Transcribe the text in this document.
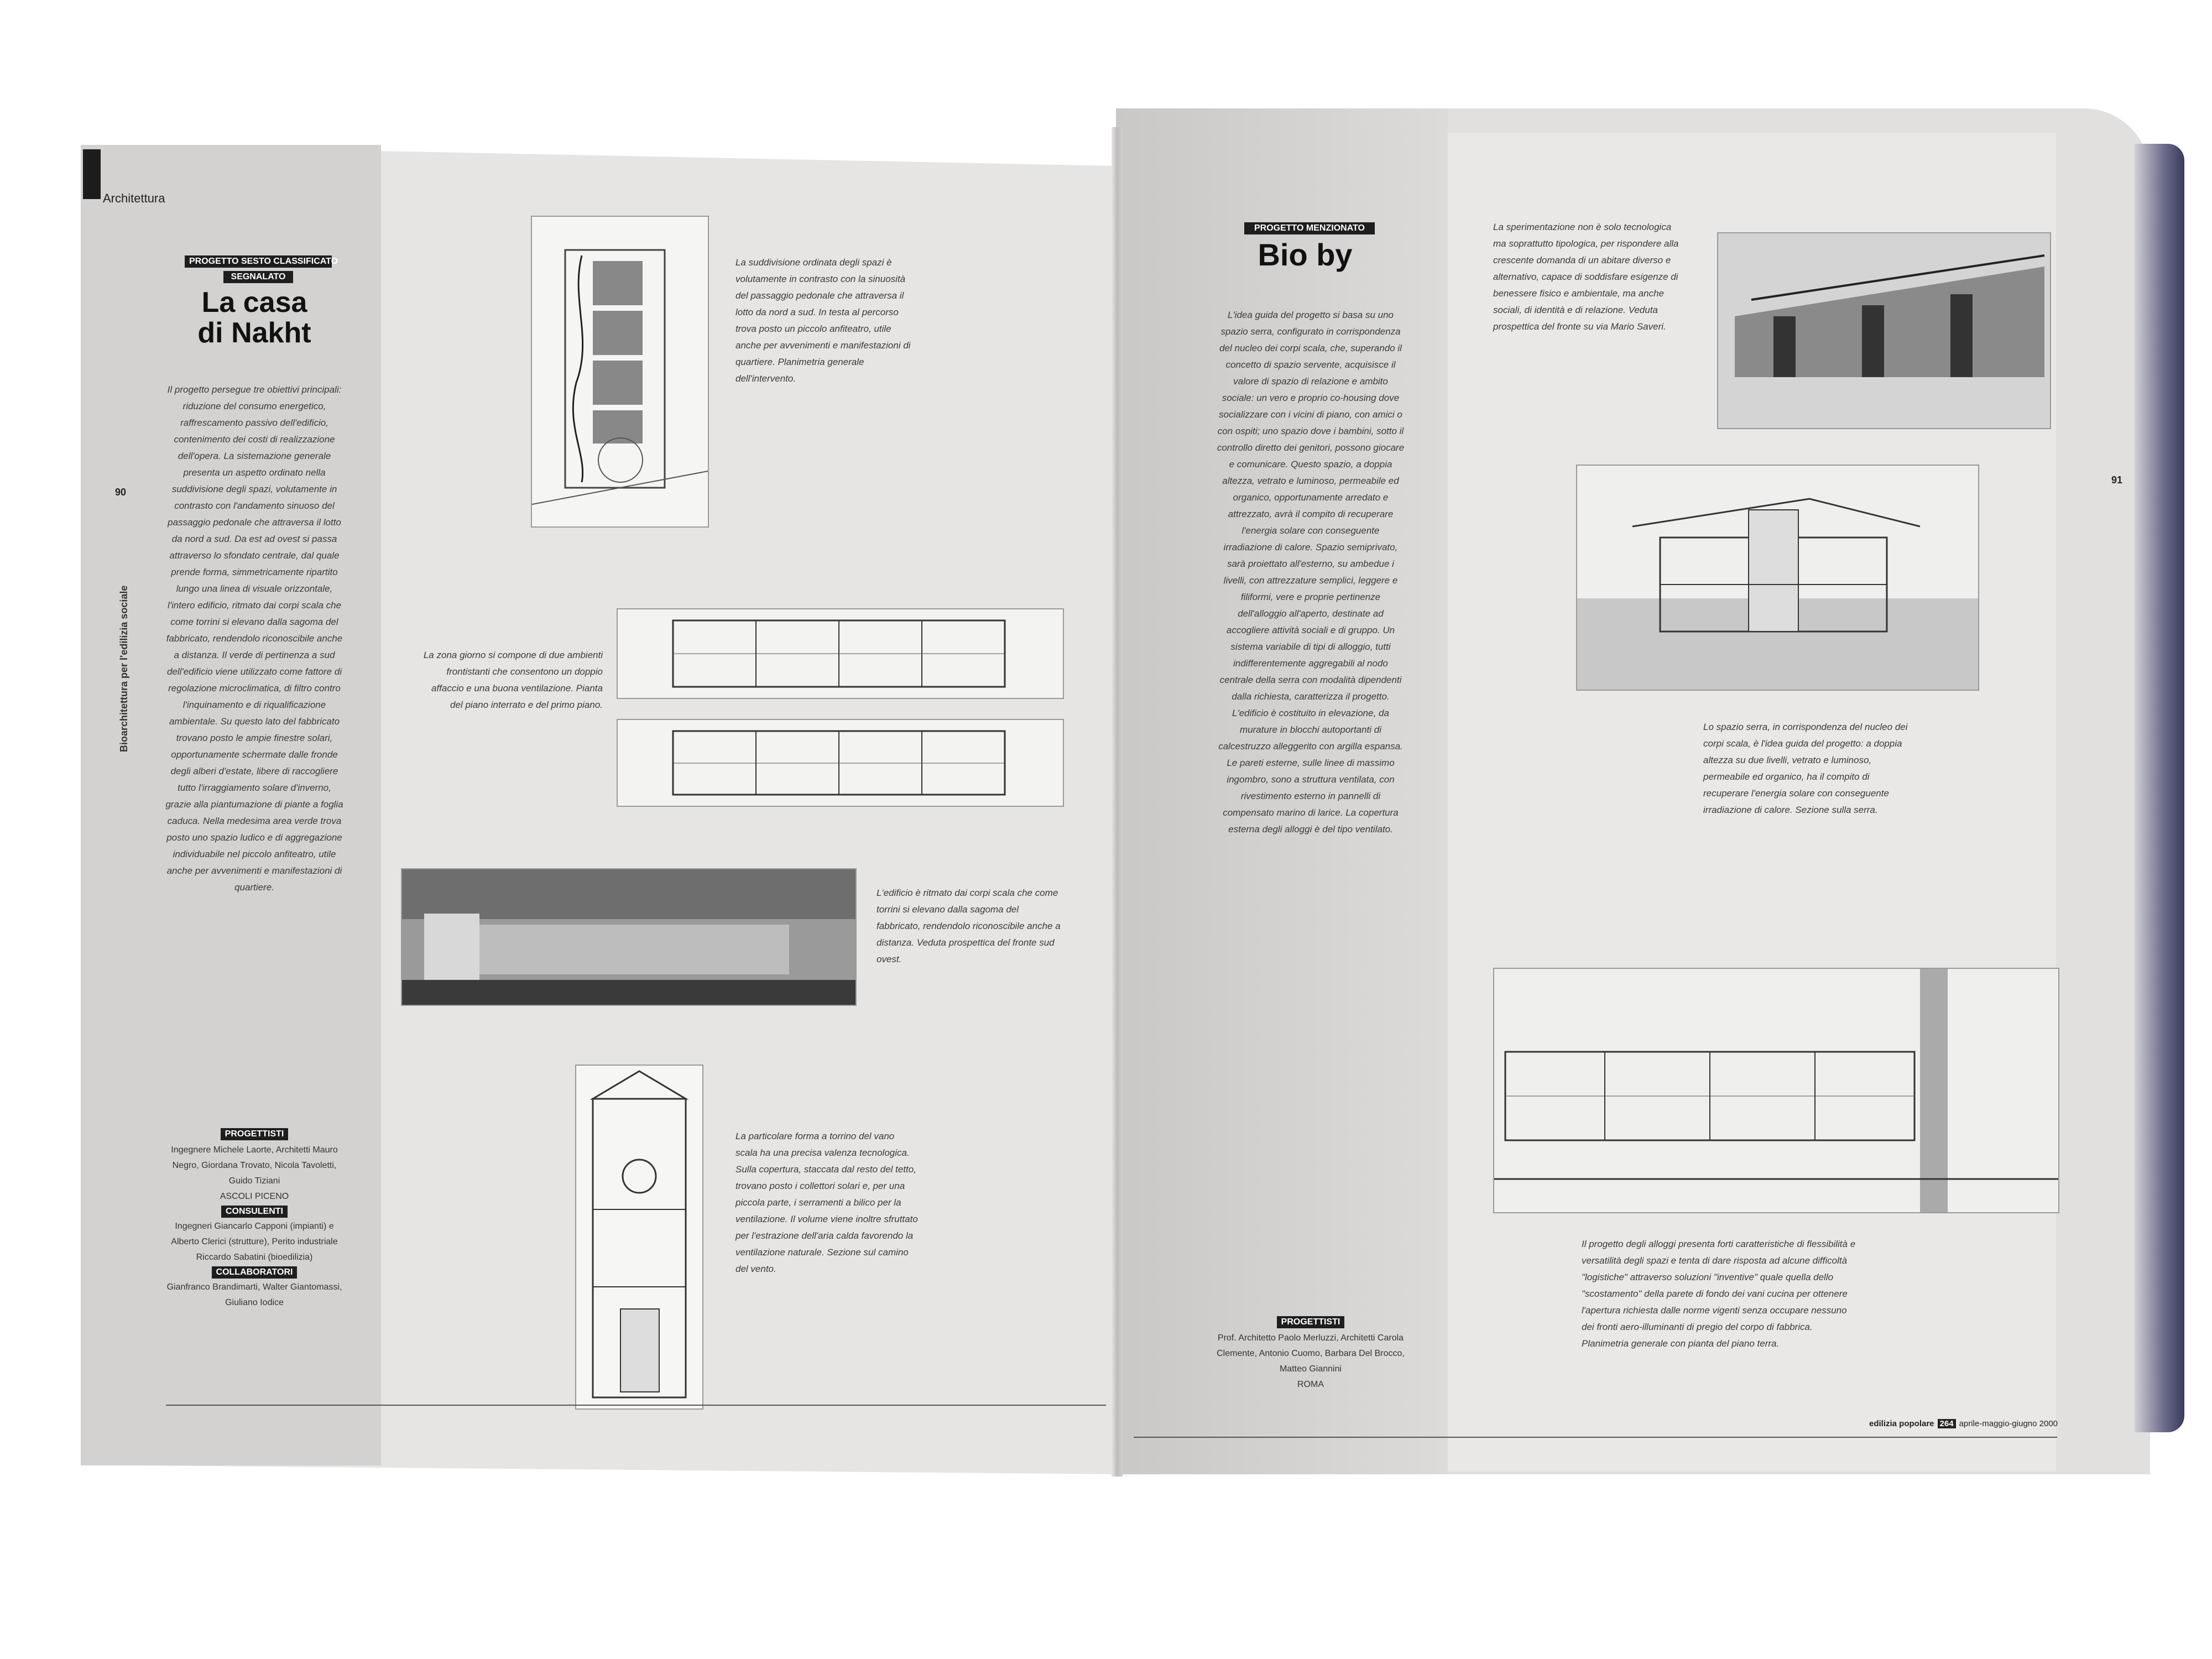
Architettura
90
91
Bioarchitettura per l'edilizia sociale
PROGETTO SESTO CLASSIFICATO
SEGNALATO
La casa
di Nakht
Il progetto persegue tre obiettivi principali: riduzione del consumo energetico, raffrescamento passivo dell'edificio, contenimento dei costi di realizzazione dell'opera. La sistemazione generale presenta un aspetto ordinato nella suddivisione degli spazi, volutamente in contrasto con l'andamento sinuoso del passaggio pedonale che attraversa il lotto da nord a sud. Da est ad ovest si passa attraverso lo sfondato centrale, dal quale prende forma, simmetricamente ripartito lungo una linea di visuale orizzontale, l'intero edificio, ritmato dai corpi scala che come torrini si elevano dalla sagoma del fabbricato, rendendolo riconoscibile anche a distanza. Il verde di pertinenza a sud dell'edificio viene utilizzato come fattore di regolazione microclimatica, di filtro contro l'inquinamento e di riqualificazione ambientale. Su questo lato del fabbricato trovano posto le ampie finestre solari, opportunamente schermate dalle fronde degli alberi d'estate, libere di raccogliere tutto l'irraggiamento solare d'inverno, grazie alla piantumazione di piante a foglia caduca. Nella medesima area verde trova posto uno spazio ludico e di aggregazione individuabile nel piccolo anfiteatro, utile anche per avvenimenti e manifestazioni di quartiere.
PROGETTISTI
Ingegnere Michele Laorte, Architetti Mauro Negro, Giordana Trovato, Nicola Tavoletti, Guido Tiziani
ASCOLI PICENO
CONSULENTI
Ingegneri Giancarlo Capponi (impianti) e Alberto Clerici (strutture), Perito industriale Riccardo Sabatini (bioedilizia)
COLLABORATORI
Gianfranco Brandimarti, Walter Giantomassi, Giuliano Iodice
La suddivisione ordinata degli spazi è volutamente in contrasto con la sinuosità del passaggio pedonale che attraversa il lotto da nord a sud. In testa al percorso trova posto un piccolo anfiteatro, utile anche per avvenimenti e manifestazioni di quartiere. Planimetria generale dell'intervento.
La zona giorno si compone di due ambienti frontistanti che consentono un doppio affaccio e una buona ventilazione. Pianta del piano interrato e del primo piano.
L'edificio è ritmato dai corpi scala che come torrini si elevano dalla sagoma del fabbricato, rendendolo riconoscibile anche a distanza. Veduta prospettica del fronte sud ovest.
La particolare forma a torrino del vano scala ha una precisa valenza tecnologica. Sulla copertura, staccata dal resto del tetto, trovano posto i collettori solari e, per una piccola parte, i serramenti a bilico per la ventilazione. Il volume viene inoltre sfruttato per l'estrazione dell'aria calda favorendo la ventilazione naturale. Sezione sul camino del vento.
PROGETTO MENZIONATO
Bio by
L'idea guida del progetto si basa su uno spazio serra, configurato in corrispondenza del nucleo dei corpi scala, che, superando il concetto di spazio servente, acquisisce il valore di spazio di relazione e ambito sociale: un vero e proprio co-housing dove socializzare con i vicini di piano, con amici o con ospiti; uno spazio dove i bambini, sotto il controllo diretto dei genitori, possono giocare e comunicare. Questo spazio, a doppia altezza, vetrato e luminoso, permeabile ed organico, opportunamente arredato e attrezzato, avrà il compito di recuperare l'energia solare con conseguente irradiazione di calore. Spazio semiprivato, sarà proiettato all'esterno, su ambedue i livelli, con attrezzature semplici, leggere e filiformi, vere e proprie pertinenze dell'alloggio all'aperto, destinate ad accogliere attività sociali e di gruppo. Un sistema variabile di tipi di alloggio, tutti indifferentemente aggregabili al nodo centrale della serra con modalità dipendenti dalla richiesta, caratterizza il progetto. L'edificio è costituito in elevazione, da murature in blocchi autoportanti di calcestruzzo alleggerito con argilla espansa. Le pareti esterne, sulle linee di massimo ingombro, sono a struttura ventilata, con rivestimento esterno in pannelli di compensato marino di larice. La copertura esterna degli alloggi è del tipo ventilato.
PROGETTISTI
Prof. Architetto Paolo Merluzzi, Architetti Carola Clemente, Antonio Cuomo, Barbara Del Brocco, Matteo Giannini
ROMA
La sperimentazione non è solo tecnologica ma soprattutto tipologica, per rispondere alla crescente domanda di un abitare diverso e alternativo, capace di soddisfare esigenze di benessere fisico e ambientale, ma anche sociali, di identità e di relazione. Veduta prospettica del fronte su via Mario Saveri.
Lo spazio serra, in corrispondenza del nucleo dei corpi scala, è l'idea guida del progetto: a doppia altezza su due livelli, vetrato e luminoso, permeabile ed organico, ha il compito di recuperare l'energia solare con conseguente irradiazione di calore. Sezione sulla serra.
Il progetto degli alloggi presenta forti caratteristiche di flessibilità e versatilità degli spazi e tenta di dare risposta ad alcune difficoltà "logistiche" attraverso soluzioni "inventive" quale quella dello "scostamento" della parete di fondo dei vani cucina per ottenere l'apertura richiesta dalle norme vigenti senza occupare nessuno dei fronti aero-illuminanti di pregio del corpo di fabbrica. Planimetria generale con pianta del piano terra.
edilizia popolare 264 aprile-maggio-giugno 2000
